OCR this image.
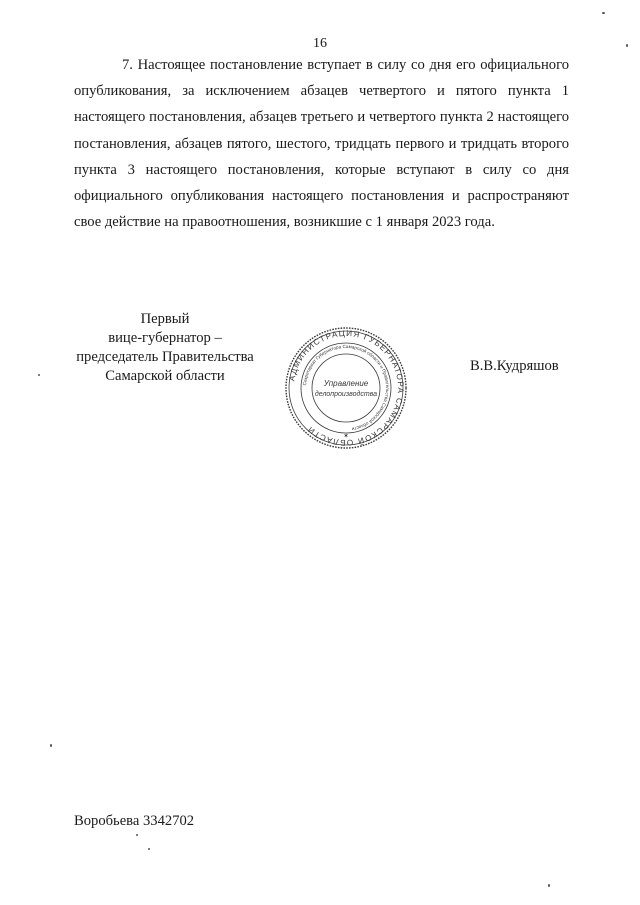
16

7. Настоящее постановление вступает в силу со дня его официального опубликования, за исключением абзацев четвертого и пятого пункта 1 настоящего постановления, абзацев третьего и четвертого пункта 2 настоящего постановления, абзацев пятого, шестого, тридцать первого и тридцать второго пункта 3 настоящего постановления, которые вступают в силу со дня официального опубликования настоящего постановления и распространяют свое действие на правоотношения, возникшие с 1 января 2023 года.

Первый
вице-губернатор –
председатель Правительства
Самарской области	АДМИНИСТРАЦИЯ ГУБЕРНАТОРА САМАРСКОЙ ОБЛАСТИ
Секретариат Губернатора Самарской области и Правительства Самарской области
Управление
делопроизводства
✶
В.В.Кудряшов
Воробьева 3342702
